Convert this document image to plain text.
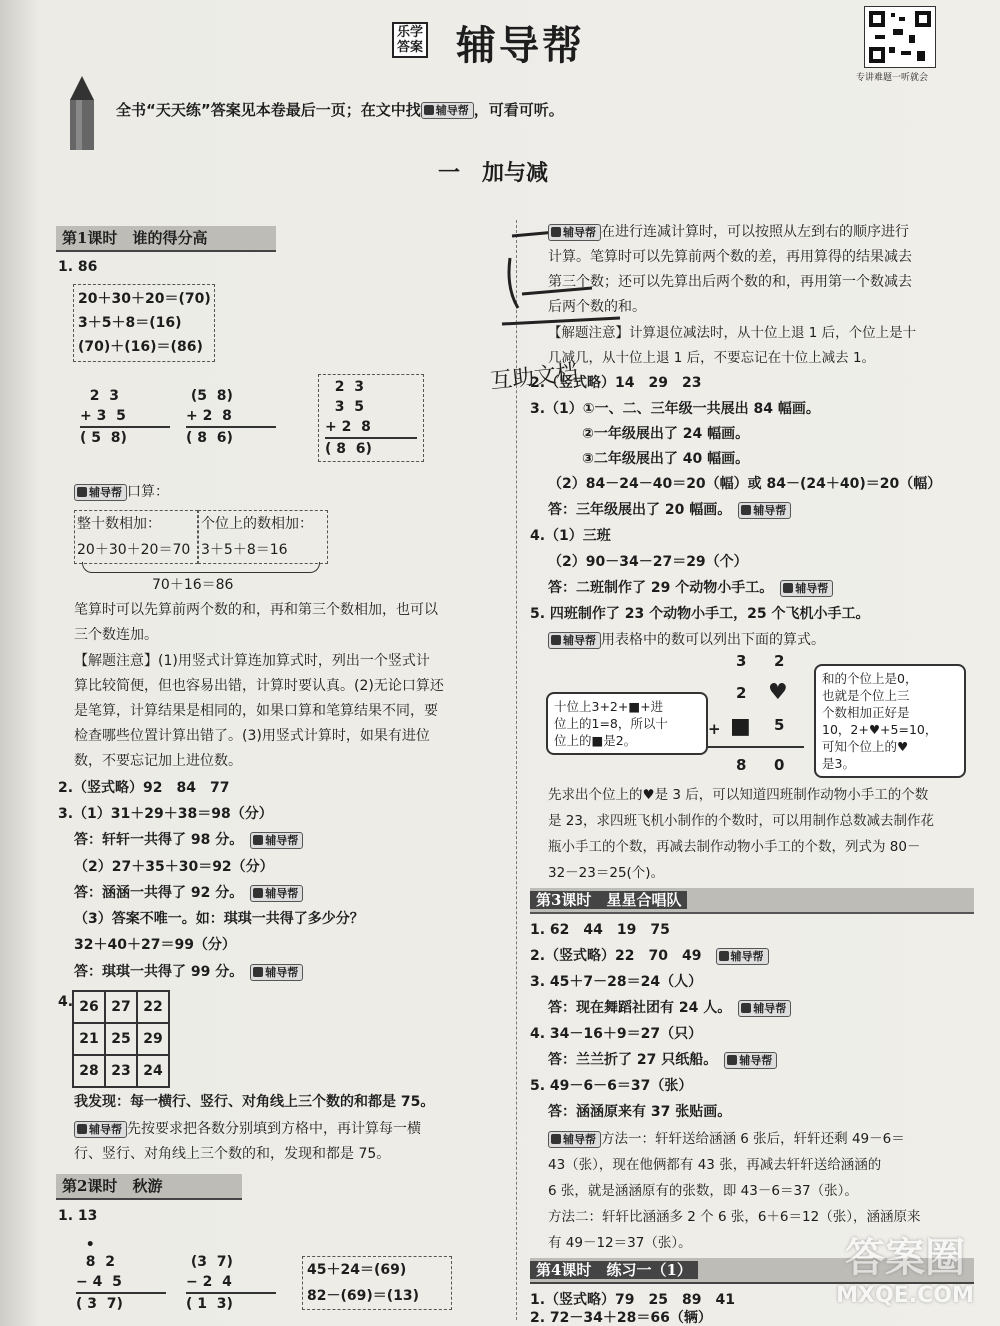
乐学
答案 辅导帮
专讲难题一听就会
全书“天天练”答案见本卷最后一页；在文中找 辅导帮 ，可看可听。
一　加与减
第1课时　 谁的得分高
1. 86
20＋30＋20＝(70)
3＋5＋8＝(16)
(70)＋(16)＝(86)
2  3
+ 3  5
( 5  8)
(5  8)
+ 2  8
( 8  6)
2  3
3  5
+ 2  8
( 8  6)
辅导帮 口算：
整十数相加：
20＋30＋20＝70
个位上的数相加：
3＋5＋8＝16
70＋16＝86
笔算时可以先算前两个数的和，再和第三个数相加，也可以
三个数连加。
【解题注意】(1)用竖式计算连加算式时，列出一个竖式计
算比较简便，但也容易出错，计算时要认真。(2)无论口算还
是笔算，计算结果是相同的，如果口算和笔算结果不同，要
检查哪些位置计算出错了。(3)用竖式计算时，如果有进位
数，不要忘记加上进位数。
2.（竖式略）92　84　77
3.（1）31＋29＋38＝98（分）
答：轩轩一共得了 98 分。　	辅导帮
（2）27＋35＋30＝92（分）
答：涵涵一共得了 92 分。　	辅导帮
（3）答案不唯一。如：琪琪一共得了多少分？
32＋40＋27＝99（分）
答：琪琪一共得了 99 分。　	辅导帮
4. 26	27	22
21	25	29
28	23	24
我发现：每一横行、竖行、对角线上三个数的和都是 75。
辅导帮 先按要求把各数分别填到方格中，再计算每一横
行、竖行、对角线上三个数的和，发现和都是 75。
第2课时　 秋游
1. 13
•
8  2
− 4  5
( 3  7)
(3  7)
− 2  4
( 1  3)
45＋24＝(69)
82－(69)＝(13)
互助文档
辅导帮 在进行连减计算时，可以按照从左到右的顺序进行
计算。笔算时可以先算前两个数的差，再用算得的结果减去
第三个数；还可以先算出后两个数的和，再用第一个数减去
后两个数的和。
【解题注意】计算退位减法时，从十位上退 1 后，个位上是十
几减几，从十位上退 1 后，不要忘记在十位上减去 1。
2.（竖式略）14　29　23
3.（1）①一、二、三年级一共展出 84 幅画。
②一年级展出了 24 幅画。
③二年级展出了 40 幅画。
（2）84－24－40＝20（幅）或 84－(24＋40)＝20（幅）
答：三年级展出了 20 幅画。　	辅导帮
4.（1）三班
（2）90－34－27＝29（个）
答：二班制作了 29 个动物小手工。　	辅导帮
5. 四班制作了 23 个动物小手工，25 个飞机小手工。
辅导帮 用表格中的数可以列出下面的算式。
十位上3+2+■+进
位上的1=8，所以十
位上的■是2。
和的个位上是0，
也就是个位上三
个数相加正好是
10，2+♥+5=10，
可知个位上的♥
是3。
3 2
2 ♥
+ ■ 5
8 0
先求出个位上的♥是 3 后，可以知道四班制作动物小手工的个数
是 23，求四班飞机小制作的个数时，可以用制作总数减去制作花
瓶小手工的个数，再减去制作动物小手工的个数，列式为 80－
32－23＝25(个)。
第3课时　 星星合唱队
1. 62　44　19　75
2.（竖式略）22　70　49　	辅导帮
3. 45＋7－28＝24（人）
答：现在舞蹈社团有 24 人。　	辅导帮
4. 34－16＋9＝27（只）
答：兰兰折了 27 只纸船。　	辅导帮
5. 49－6－6＝37（张）
答：涵涵原来有 37 张贴画。
辅导帮 方法一：轩轩送给涵涵 6 张后，轩轩还剩 49－6＝
43（张），现在他俩都有 43 张，再减去轩轩送给涵涵的
6 张，就是涵涵原有的张数，即 43－6＝37（张）。
方法二：轩轩比涵涵多 2 个 6 张，6＋6＝12（张），涵涵原来
有 49－12＝37（张）。
第4课时　 练习一（1）
1.（竖式略）79　25　89　41
2. 72－34＋28＝66（辆）
答案圈
MXQE.COM
